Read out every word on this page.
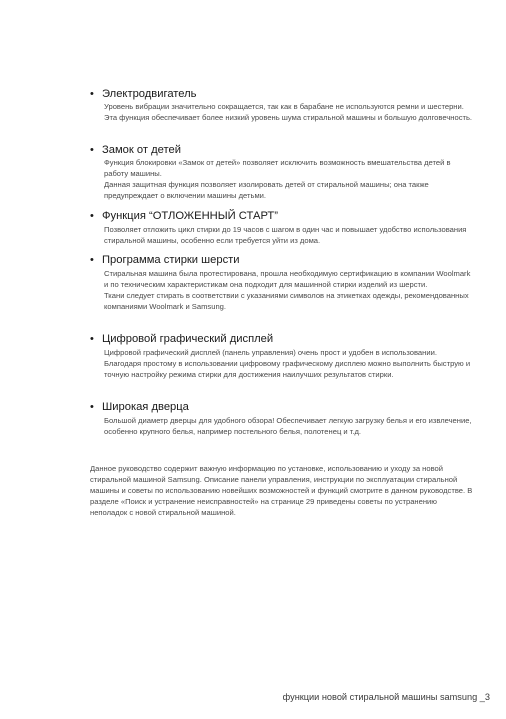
• Электродвигатель

Уровень вибрации значительно сокращается, так как в барабане не используются ремни и шестерни. Эта функция обеспечивает более низкий уровень шума стиральной машины и большую долговечность.

• Замок от детей

Функция блокировки «Замок от детей» позволяет исключить возможность вмешательства детей в работу машины.

Данная защитная функция позволяет изолировать детей от стиральной машины; она также предупреждает о включении машины детьми.

• Функция “ОТЛОЖЕННЫЙ СТАРТ”

Позволяет отложить цикл стирки до 19 часов с шагом в один час и повышает удобство использования стиральной машины, особенно если требуется уйти из дома.

• Программа стирки шерсти

Стиральная машина была протестирована, прошла необходимую сертификацию в компании Woolmark и по техническим характеристикам она подходит для машинной стирки изделий из шерсти.

Ткани следует стирать в соответствии с указаниями символов на этикетках одежды, рекомендованных компаниями Woolmark и Samsung.

• Цифровой графический дисплей

Цифровой графический дисплей (панель управления) очень прост и удобен в использовании. Благодаря простому в использовании цифровому графическому дисплею можно выполнить быструю и точную настройку режима стирки для достижения наилучших результатов стирки.

• Широкая дверца

Большой диаметр дверцы для удобного обзора! Обеспечивает легкую загрузку белья и его извлечение, особенно крупного белья, например постельного белья, полотенец и т.д.

Данное руководство содержит важную информацию по установке, использованию и уходу за новой стиральной машиной Samsung. Описание панели управления, инструкции по эксплуатации стиральной машины и советы по использованию новейших возможностей и функций смотрите в данном руководстве. В разделе «Поиск и устранение неисправностей» на странице 29 приведены советы по устранению неполадок с новой стиральной машиной.
функции новой стиральной машины samsung _3
